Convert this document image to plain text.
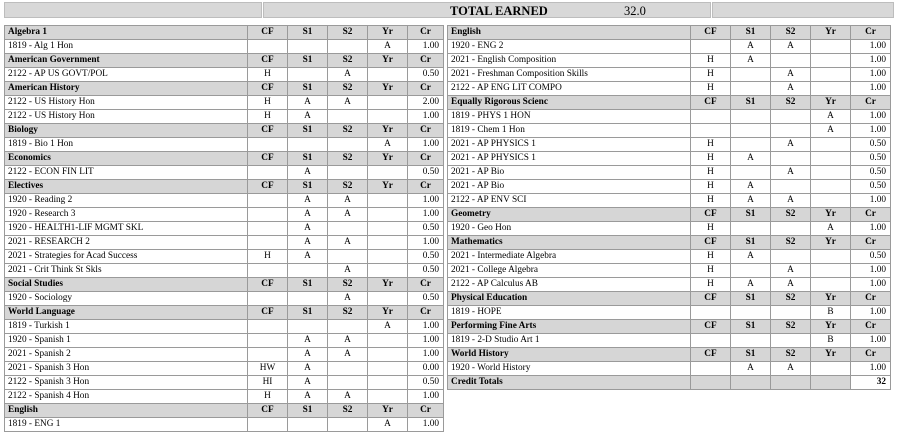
TOTAL EARNED	32.0
Algebra 1	CF	S1	S2	Yr	Cr
1819 - Alg 1 Hon				A	1.00
American Government	CF	S1	S2	Yr	Cr
2122 - AP US GOVT/POL	H		A		0.50
American History	CF	S1	S2	Yr	Cr
2122 - US History Hon	H	A	A		2.00
2122 - US History Hon	H	A			1.00
Biology	CF	S1	S2	Yr	Cr
1819 - Bio 1 Hon				A	1.00
Economics	CF	S1	S2	Yr	Cr
2122 - ECON FIN LIT		A			0.50
Electives	CF	S1	S2	Yr	Cr
1920 - Reading 2		A	A		1.00
1920 - Research 3		A	A		1.00
1920 - HEALTH1-LIF MGMT SKL		A			0.50
2021 - RESEARCH 2		A	A		1.00
2021 - Strategies for Acad Success	H	A			0.50
2021 - Crit Think St Skls			A		0.50
Social Studies	CF	S1	S2	Yr	Cr
1920 - Sociology			A		0.50
World Language	CF	S1	S2	Yr	Cr
1819 - Turkish 1				A	1.00
1920 - Spanish 1		A	A		1.00
2021 - Spanish 2		A	A		1.00
2021 - Spanish 3 Hon	HW	A			0.00
2122 - Spanish 3 Hon	HI	A			0.50
2122 - Spanish 4 Hon	H	A	A		1.00
English	CF	S1	S2	Yr	Cr
1819 - ENG 1				A	1.00
English	CF	S1	S2	Yr	Cr
1920 - ENG 2		A	A		1.00
2021 - English Composition	H	A			1.00
2021 - Freshman Composition Skills	H		A		1.00
2122 - AP ENG LIT COMPO	H		A		1.00
Equally Rigorous Scienc	CF	S1	S2	Yr	Cr
1819 - PHYS 1 HON				A	1.00
1819 - Chem 1 Hon				A	1.00
2021 - AP PHYSICS 1	H		A		0.50
2021 - AP PHYSICS 1	H	A			0.50
2021 - AP Bio	H		A		0.50
2021 - AP Bio	H	A			0.50
2122 - AP ENV SCI	H	A	A		1.00
Geometry	CF	S1	S2	Yr	Cr
1920 - Geo Hon	H			A	1.00
Mathematics	CF	S1	S2	Yr	Cr
2021 - Intermediate Algebra	H	A			0.50
2021 - College Algebra	H		A		1.00
2122 - AP Calculus AB	H	A	A		1.00
Physical Education	CF	S1	S2	Yr	Cr
1819 - HOPE				B	1.00
Performing Fine Arts	CF	S1	S2	Yr	Cr
1819 - 2-D Studio Art 1				B	1.00
World History	CF	S1	S2	Yr	Cr
1920 - World History		A	A		1.00
Credit Totals					32
